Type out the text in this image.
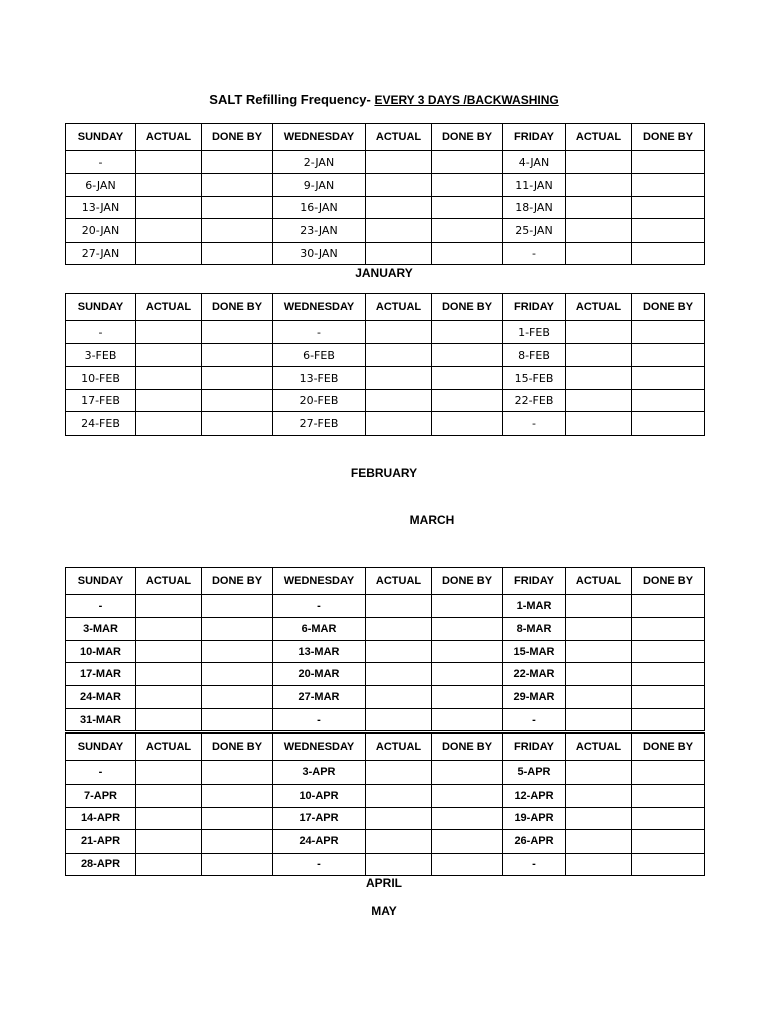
SALT Refilling Frequency- EVERY 3 DAYS /BACKWASHING
SUNDAY	ACTUAL	DONE BY	WEDNESDAY	ACTUAL	DONE BY	FRIDAY	ACTUAL	DONE BY
-			2-JAN			4-JAN		
6-JAN			9-JAN			11-JAN		
13-JAN			16-JAN			18-JAN		
20-JAN			23-JAN			25-JAN		
27-JAN			30-JAN			-		
JANUARY
SUNDAY	ACTUAL	DONE BY	WEDNESDAY	ACTUAL	DONE BY	FRIDAY	ACTUAL	DONE BY
-			-			1-FEB		
3-FEB			6-FEB			8-FEB		
10-FEB			13-FEB			15-FEB		
17-FEB			20-FEB			22-FEB		
24-FEB			27-FEB			-		
FEBRUARY
MARCH
SUNDAY	ACTUAL	DONE BY	WEDNESDAY	ACTUAL	DONE BY	FRIDAY	ACTUAL	DONE BY
-			-			1-MAR		
3-MAR			6-MAR			8-MAR		
10-MAR			13-MAR			15-MAR		
17-MAR			20-MAR			22-MAR		
24-MAR			27-MAR			29-MAR		
31-MAR			-			-		
SUNDAY	ACTUAL	DONE BY	WEDNESDAY	ACTUAL	DONE BY	FRIDAY	ACTUAL	DONE BY
-			3-APR			5-APR		
7-APR			10-APR			12-APR		
14-APR			17-APR			19-APR		
21-APR			24-APR			26-APR		
28-APR			-			-		
APRIL
MAY
